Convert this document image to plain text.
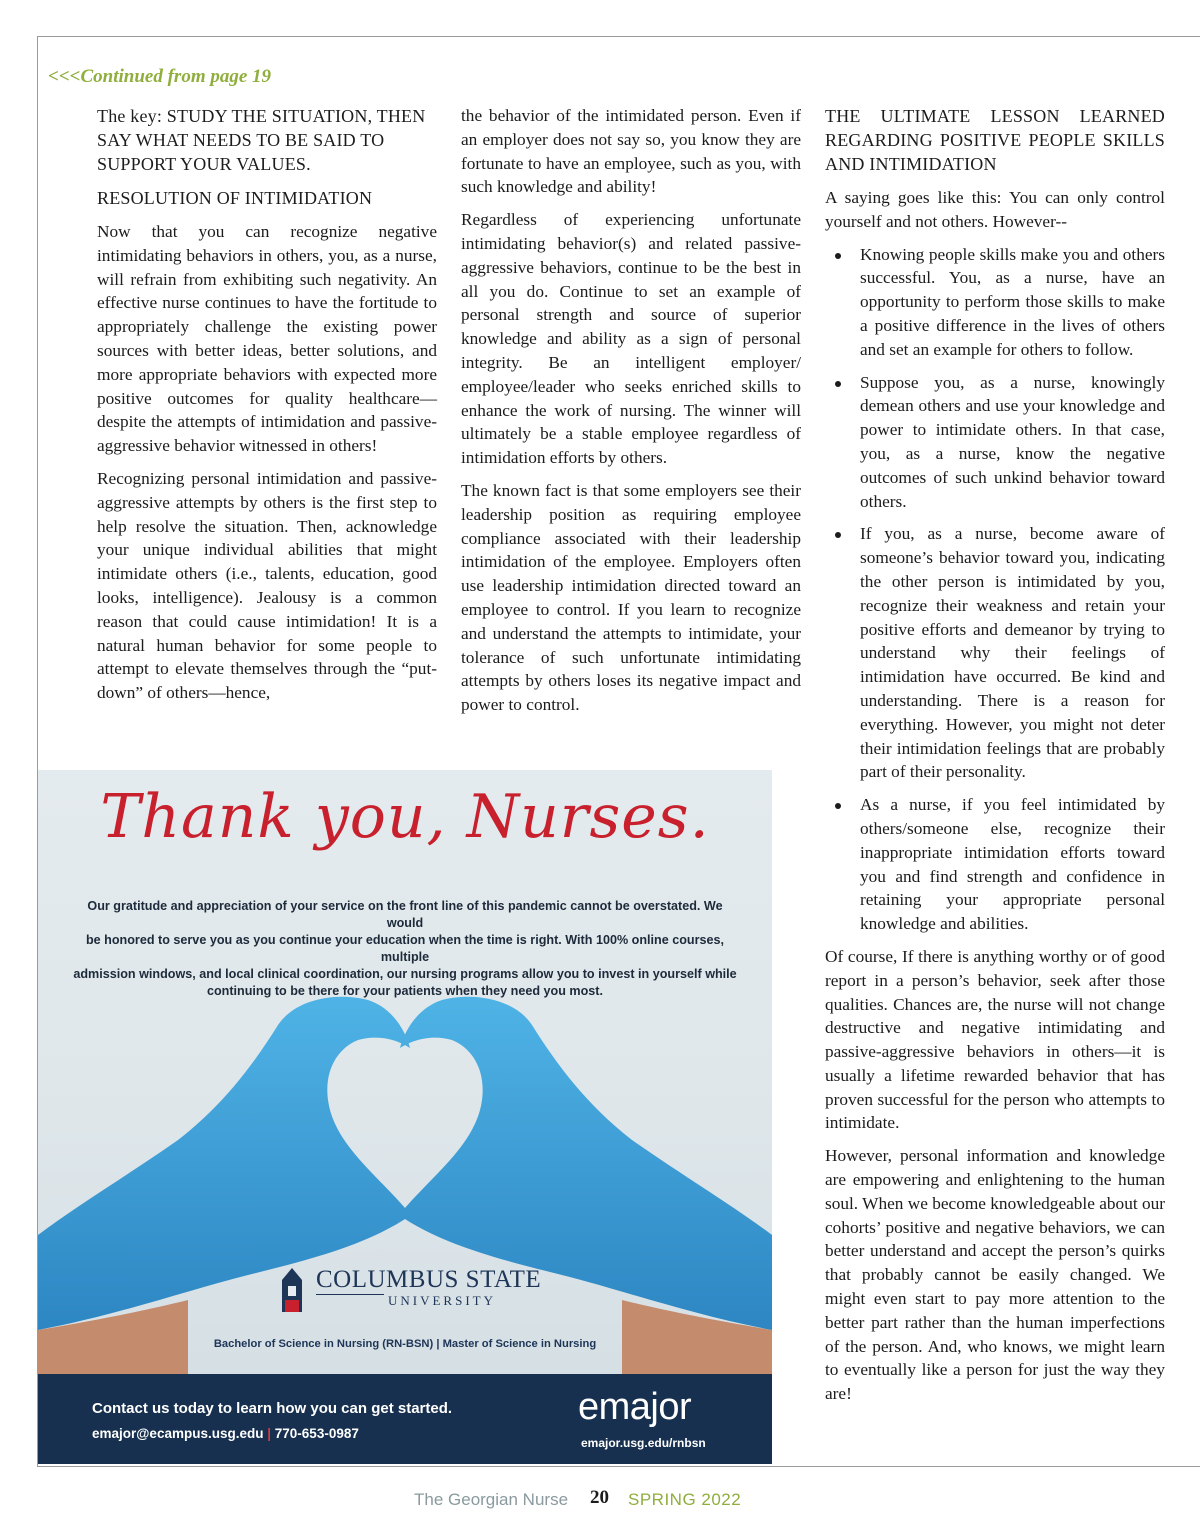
<<<Continued from page 19

The key: STUDY THE SITUATION, THEN SAY WHAT NEEDS TO BE SAID TO SUPPORT YOUR VALUES.

RESOLUTION OF INTIMIDATION

Now that you can recognize negative intimidating behaviors in others, you, as a nurse, will refrain from exhibiting such negativity. An effective nurse continues to have the fortitude to appropriately challenge the existing power sources with better ideas, better solutions, and more appropriate behaviors with expected more positive outcomes for quality healthcare—despite the attempts of intimidation and passive-aggressive behavior witnessed in others!

Recognizing personal intimidation and passive-aggressive attempts by others is the first step to help resolve the situation. Then, acknowledge your unique individual abilities that might intimidate others (i.e., talents, education, good looks, intelligence). Jealousy is a common reason that could cause intimidation! It is a natural human behavior for some people to attempt to elevate themselves through the “put-down” of others—hence,

the behavior of the intimidated person. Even if an employer does not say so, you know they are fortunate to have an employee, such as you, with such knowledge and ability!

Regardless of experiencing unfortunate intimidating behavior(s) and related passive-aggressive behaviors, continue to be the best in all you do. Continue to set an example of personal strength and source of superior knowledge and ability as a sign of personal integrity. Be an intelligent employer/ employee/leader who seeks enriched skills to enhance the work of nursing. The winner will ultimately be a stable employee regardless of intimidation efforts by others.

The known fact is that some employers see their leadership position as requiring employee compliance associated with their leadership intimidation of the employee. Employers often use leadership intimidation directed toward an employee to control. If you learn to recognize and understand the attempts to intimidate, your tolerance of such unfortunate intimidating attempts by others loses its negative impact and power to control.

THE ULTIMATE LESSON LEARNED REGARDING POSITIVE PEOPLE SKILLS AND INTIMIDATION

A saying goes like this: You can only control yourself and not others. However--

Knowing people skills make you and others successful. You, as a nurse, have an opportunity to perform those skills to make a positive difference in the lives of others and set an example for others to follow.
Suppose you, as a nurse, knowingly demean others and use your knowledge and power to intimidate others. In that case, you, as a nurse, know the negative outcomes of such unkind behavior toward others.
If you, as a nurse, become aware of someone’s behavior toward you, indicating the other person is intimidated by you, recognize their weakness and retain your positive efforts and demeanor by trying to understand why their feelings of intimidation have occurred. Be kind and understanding. There is a reason for everything. However, you might not deter their intimidation feelings that are probably part of their personality.
As a nurse, if you feel intimidated by others/someone else, recognize their inappropriate intimidation efforts toward you and find strength and confidence in retaining your appropriate personal knowledge and abilities.

Of course, If there is anything worthy or of good report in a person’s behavior, seek after those qualities. Chances are, the nurse will not change destructive and negative intimidating and passive-aggressive behaviors in others—it is usually a lifetime rewarded behavior that has proven successful for the person who attempts to intimidate.

However, personal information and knowledge are empowering and enlightening to the human soul. When we become knowledgeable about our cohorts’ positive and negative behaviors, we can better understand and accept the person’s quirks that probably cannot be easily changed. We might even start to pay more attention to the better part rather than the human imperfections of the person. And, who knows, we might learn to eventually like a person for just the way they are!

Thank you, Nurses.
Our gratitude and appreciation of your service on the front line of this pandemic cannot be overstated. We would
be honored to serve you as you continue your education when the time is right. With 100% online courses, multiple
admission windows, and local clinical coordination, our nursing programs allow you to invest in yourself while
continuing to be there for your patients when they need you most.
COLUMBUS STATE
UNIVERSITY
Bachelor of Science in Nursing (RN-BSN) | Master of Science in Nursing
Contact us today to learn how you can get started.
emajor@ecampus.usg.edu | 770-653-0987
emajor
emajor.usg.edu/rnbsn
The Georgian Nurse 20 SPRING 2022
